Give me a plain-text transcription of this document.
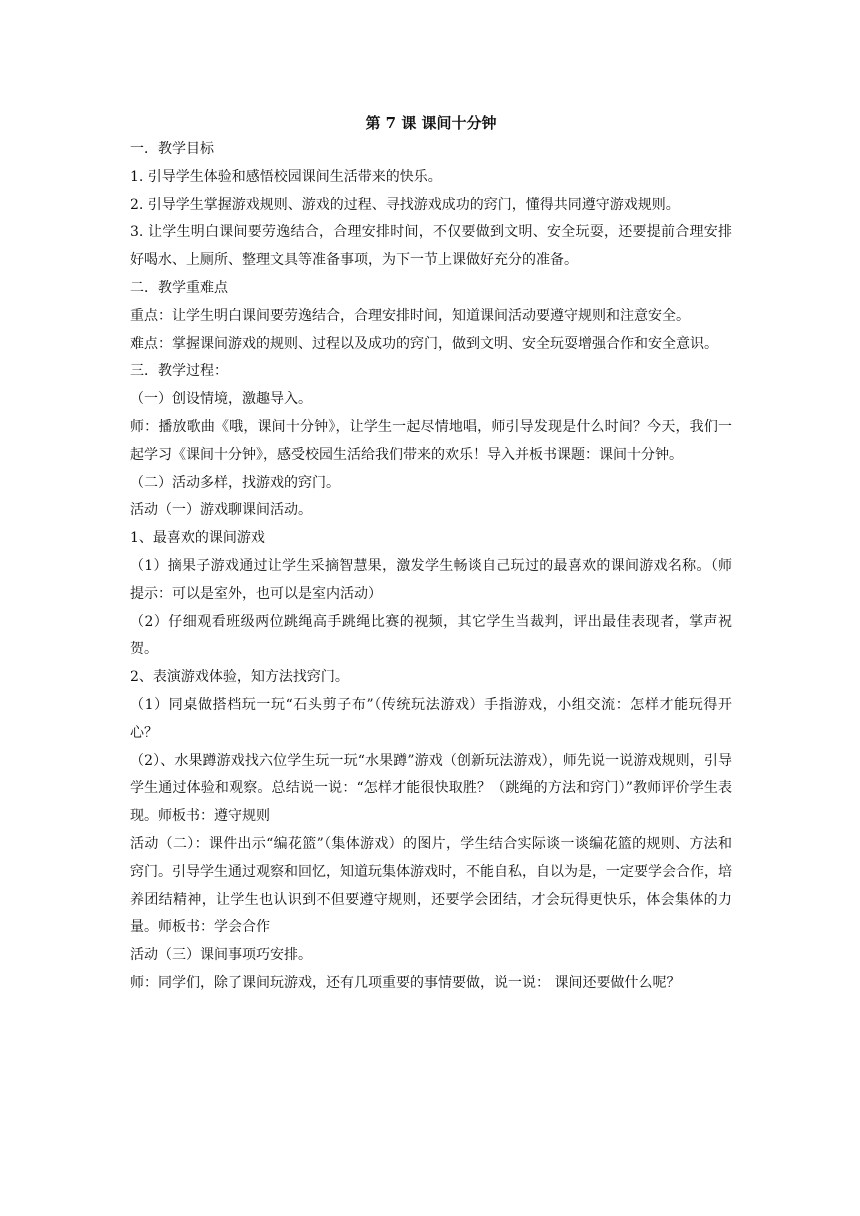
第 7 课 课间十分钟

一．教学目标

1. 引导学生体验和感悟校园课间生活带来的快乐。

2. 引导学生掌握游戏规则、游戏的过程、寻找游戏成功的窍门，懂得共同遵守游戏规则。

3. 让学生明白课间要劳逸结合，合理安排时间，不仅要做到文明、安全玩耍，还要提前合理安排好喝水、上厕所、整理文具等准备事项，为下一节上课做好充分的准备。

二．教学重难点

重点：让学生明白课间要劳逸结合，合理安排时间，知道课间活动要遵守规则和注意安全。

难点：掌握课间游戏的规则、过程以及成功的窍门，做到文明、安全玩耍增强合作和安全意识。

三．教学过程：

（一）创设情境，激趣导入。

师：播放歌曲《哦，课间十分钟》，让学生一起尽情地唱，师引导发现是什么时间？今天，我们一起学习《课间十分钟》，感受校园生活给我们带来的欢乐！导入并板书课题：课间十分钟。

（二）活动多样，找游戏的窍门。

活动（一）游戏聊课间活动。

1、最喜欢的课间游戏

（1）摘果子游戏通过让学生采摘智慧果，激发学生畅谈自己玩过的最喜欢的课间游戏名称。（师提示：可以是室外，也可以是室内活动）

（2）仔细观看班级两位跳绳高手跳绳比赛的视频，其它学生当裁判，评出最佳表现者，掌声祝贺。

2、表演游戏体验，知方法找窍门。

（1）同桌做搭档玩一玩“石头剪子布”（传统玩法游戏）手指游戏，小组交流：怎样才能玩得开心？

（2）、水果蹲游戏找六位学生玩一玩“水果蹲”游戏（创新玩法游戏），师先说一说游戏规则，引导学生通过体验和观察。总结说一说：“怎样才能很快取胜？（跳绳的方法和窍门）”教师评价学生表现。师板书：遵守规则

活动（二）：课件出示“编花篮”（集体游戏）的图片，学生结合实际谈一谈编花篮的规则、方法和窍门。引导学生通过观察和回忆，知道玩集体游戏时，不能自私，自以为是，一定要学会合作，培养团结精神，让学生也认识到不但要遵守规则，还要学会团结，才会玩得更快乐，体会集体的力量。师板书：学会合作

活动（三）课间事项巧安排。

师：同学们，除了课间玩游戏，还有几项重要的事情要做，说一说： 课间还要做什么呢？
